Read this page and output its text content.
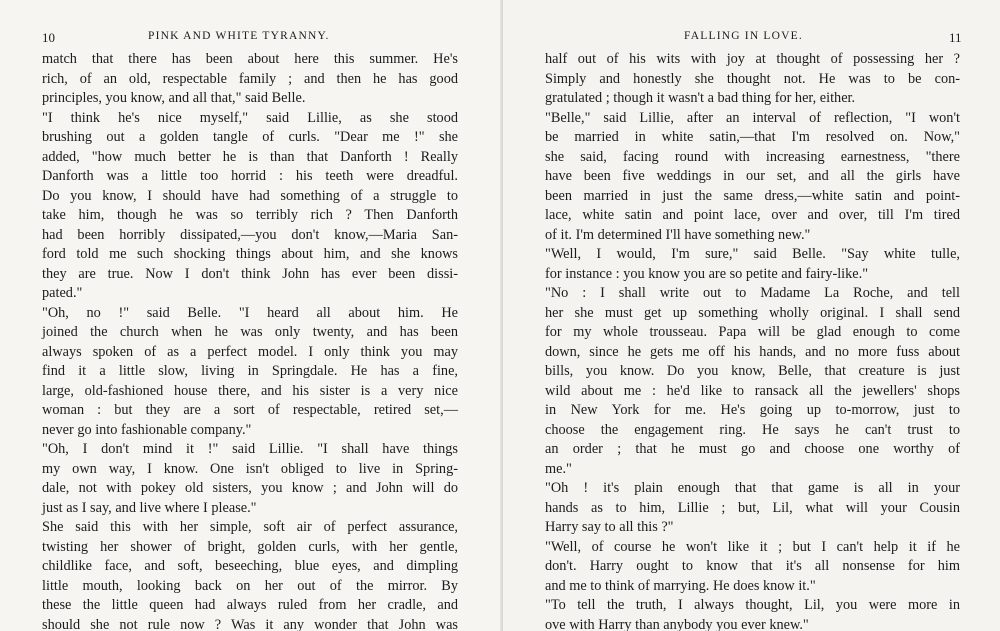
10	PINK AND WHITE TYRANNY.
match that there has been about here this summer. He's
rich, of an old, respectable family ; and then he has good
principles, you know, and all that," said Belle.
"I think he's nice myself," said Lillie, as she stood
brushing out a golden tangle of curls. "Dear me !" she
added, "how much better he is than that Danforth ! Really
Danforth was a little too horrid : his teeth were dreadful.
Do you know, I should have had something of a struggle to
take him, though he was so terribly rich ? Then Danforth
had been horribly dissipated,—you don't know,—Maria San-
ford told me such shocking things about him, and she knows
they are true. Now I don't think John has ever been dissi-
pated."
"Oh, no !" said Belle. "I heard all about him. He
joined the church when he was only twenty, and has been
always spoken of as a perfect model. I only think you may
find it a little slow, living in Springdale. He has a fine,
large, old-fashioned house there, and his sister is a very nice
woman : but they are a sort of respectable, retired set,—
never go into fashionable company."
"Oh, I don't mind it !" said Lillie. "I shall have things
my own way, I know. One isn't obliged to live in Spring-
dale, not with pokey old sisters, you know ; and John will do
just as I say, and live where I please."
She said this with her simple, soft air of perfect assurance,
twisting her shower of bright, golden curls, with her gentle,
childlike face, and soft, beseeching, blue eyes, and dimpling
little mouth, looking back on her out of the mirror. By
these the little queen had always ruled from her cradle, and
should she not rule now ? Was it any wonder that John was
FALLING IN LOVE.	11
half out of his wits with joy at thought of possessing her ?
Simply and honestly she thought not. He was to be con-
gratulated ; though it wasn't a bad thing for her, either.
"Belle," said Lillie, after an interval of reflection, "I won't
be married in white satin,—that I'm resolved on. Now,"
she said, facing round with increasing earnestness, "there
have been five weddings in our set, and all the girls have
been married in just the same dress,—white satin and point-
lace, white satin and point lace, over and over, till I'm tired
of it. I'm determined I'll have something new."
"Well, I would, I'm sure," said Belle. "Say white tulle,
for instance : you know you are so petite and fairy-like."
"No : I shall write out to Madame La Roche, and tell
her she must get up something wholly original. I shall send
for my whole trousseau. Papa will be glad enough to come
down, since he gets me off his hands, and no more fuss about
bills, you know. Do you know, Belle, that creature is just
wild about me : he'd like to ransack all the jewellers' shops
in New York for me. He's going up to-morrow, just to
choose the engagement ring. He says he can't trust to
an order ; that he must go and choose one worthy of
me."
"Oh ! it's plain enough that that game is all in your
hands as to him, Lillie ; but, Lil, what will your Cousin
Harry say to all this ?"
"Well, of course he won't like it ; but I can't help it if he
don't. Harry ought to know that it's all nonsense for him
and me to think of marrying. He does know it."
"To tell the truth, I always thought, Lil, you were more in
ove with Harry than anybody you ever knew."
